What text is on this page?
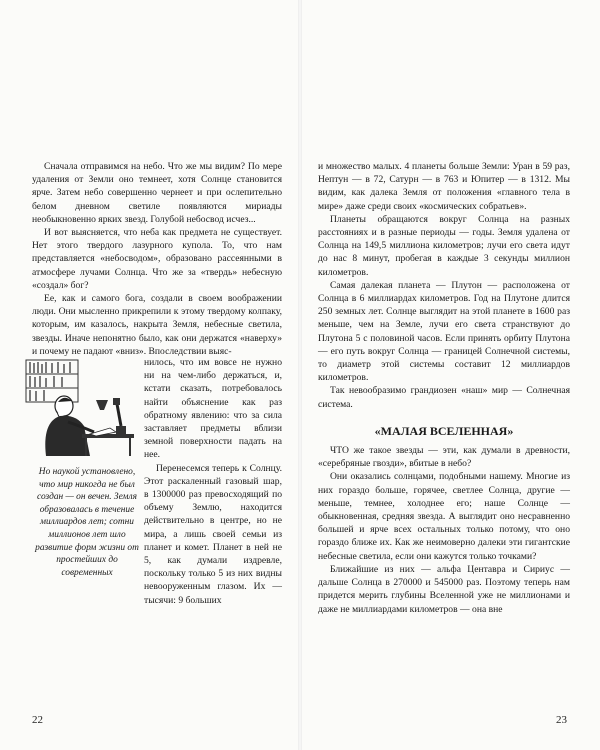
Сначала отправимся на небо. Что же мы видим? По мере удаления от Земли оно темнеет, хотя Солнце становится ярче. Затем небо совершенно чернеет и при ослепительно белом дневном светиле появляются мириады необыкновенно ярких звезд. Голубой небосвод исчез...

И вот выясняется, что неба как предмета не существует. Нет этого твердого лазурного купола. То, что нам представляется «небосводом», образовано рассеянными в атмосфере лучами Солнца. Что же за «твердь» небесную «создал» бог?

Ее, как и самого бога, создали в своем воображении люди. Они мысленно прикрепили к этому твердому колпаку, которым, им казалось, накрыта Земля, небесные светила, звезды. Иначе непонятно было, как они держатся «наверху» и почему не падают «вниз». Впоследствии выяс-

Но наукой установлено, что мир никогда не был создан — он вечен. Земля образовалась в течение миллиардов лет; сотни миллионов лет шло развитие форм жизни от простейших до современных

нилось, что им вовсе не нужно ни на чем-либо держаться, и, кстати сказать, потребовалось найти объяснение как раз обратному явлению: что за сила заставляет предметы вблизи земной поверхности падать на нее.

Перенесемся теперь к Солнцу. Этот раскаленный газовый шар, в 1300000 раз превосходящий по объему Землю, находится действительно в центре, но не мира, а лишь своей семьи из планет и комет. Планет в ней не 5, как думали издревле, поскольку только 5 из них видны невооруженным глазом. Их — тысячи: 9 больших

22

и множество малых. 4 планеты больше Земли: Уран в 59 раз, Нептун — в 72, Сатурн — в 763 и Юпитер — в 1312. Мы видим, как далека Земля от положения «главного тела в мире» даже среди своих «космических собратьев».

Планеты обращаются вокруг Солнца на разных расстояниях и в разные периоды — годы. Земля удалена от Солнца на 149,5 миллиона километров; лучи его света идут до нас 8 минут, пробегая в каждые 3 секунды миллион километров.

Самая далекая планета — Плутон — расположена от Солнца в 6 миллиардах километров. Год на Плутоне длится 250 земных лет. Солнце выглядит на этой планете в 1600 раз меньше, чем на Земле, лучи его света странствуют до Плутона 5 с половиной часов. Если принять орбиту Плутона — его путь вокруг Солнца — границей Солнечной системы, то диаметр этой системы составит 12 миллиардов километров.

Так невообразимо грандиозен «наш» мир — Солнечная система.

«МАЛАЯ ВСЕЛЕННАЯ»

ЧТО же такое звезды — эти, как думали в древности, «серебряные гвозди», вбитые в небо?

Они оказались солнцами, подобными нашему. Многие из них гораздо больше, горячее, светлее Солнца, другие — меньше, темнее, холоднее его; наше Солнце — обыкновенная, средняя звезда. А выглядит оно несравненно большей и ярче всех остальных только потому, что оно гораздо ближе их. Как же неимоверно далеки эти гигантские небесные светила, если они кажутся только точками?

Ближайшие из них — альфа Центавра и Сириус — дальше Солнца в 270000 и 545000 раз. Поэтому теперь нам придется мерить глубины Вселенной уже не миллионами и даже не миллиардами километров — она вне

23
